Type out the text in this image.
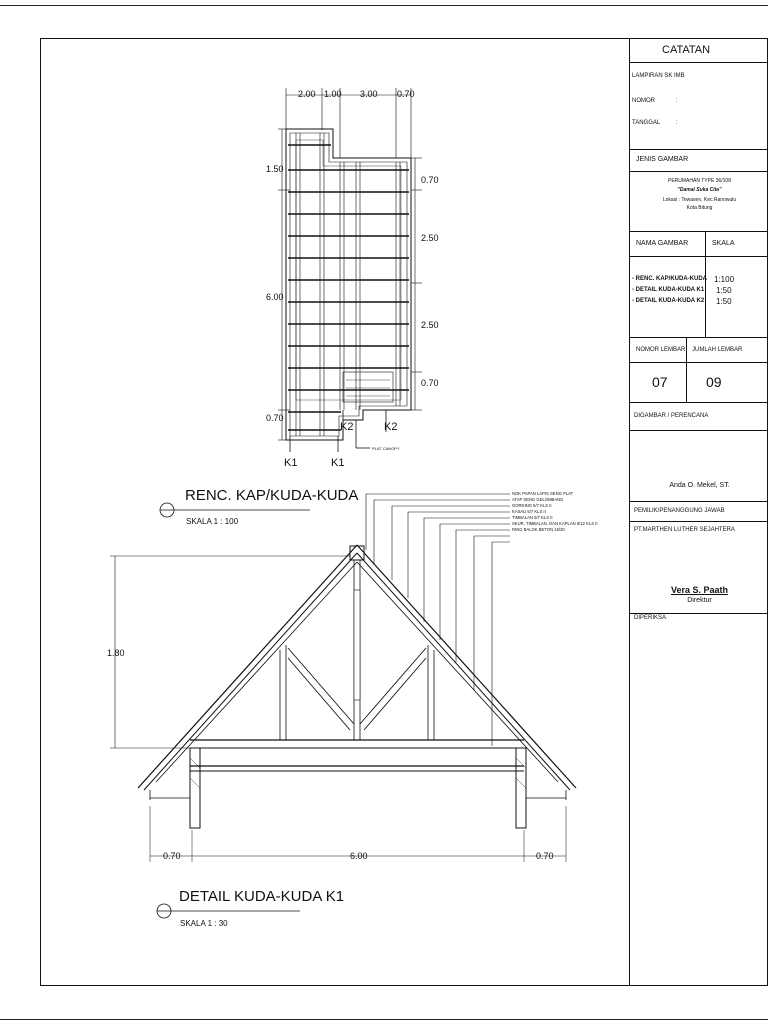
CATATAN
LAMPIRAN SK IMB
NOMOR	:
TANGGAL	:
JENIS GAMBAR
PERUMAHAN TYPE 36/108
"Damai Suka Cita"
Lokasi : Tewasen, Kec.Ranowulu
Kota Bitung
NAMA GAMBAR	SKALA
- RENC. KAP/KUDA-KUDA 1:100
- DETAIL KUDA-KUDA K1 1:50
- DETAIL KUDA-KUDA K2 1:50
NOMOR LEMBAR JUMLAH LEMBAR
07	09
DIGAMBAR / PERENCANA
Anda O. Mekel, ST.
PEMILIK/PENANGGUNG JAWAB
PT.MARTHEN LUTHER SEJAHTERA
Vera S. Paath
Direktur
DIPERIKSA
2.00 1.00 3.00 0.70
1.50
6.00
0.70
0.70
2.50
2.50
0.70
K1	K1
K2	K2
PLAT CANOPY
RENC. KAP/KUDA-KUDA
SKALA 1 : 100
NOK PAPAN LAPIS SENG PLAT
ATAP SENG GELOMBANG
GORDING 5/7 KLS II
KASAU 5/7 KLS II
TIMBALAN 5/7 KLS II
SKUR, TIMBALAN, DAN KAPLAN 8/12 KLS II
RING BALOK BETON 15/20
1.80
0.70	6.00	0.70
DETAIL KUDA-KUDA K1
SKALA 1 : 30
